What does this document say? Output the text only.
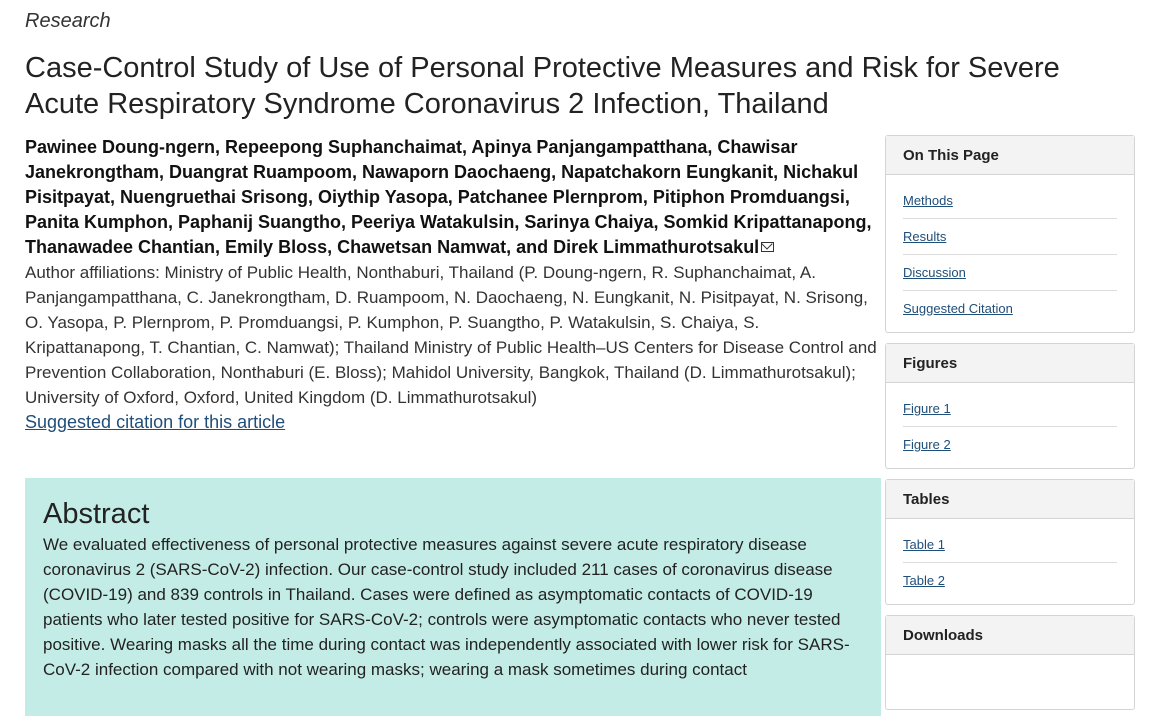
Research
Case-Control Study of Use of Personal Protective Measures and Risk for Severe Acute Respiratory Syndrome Coronavirus 2 Infection, Thailand

Pawinee Doung-ngern, Repeepong Suphanchaimat, Apinya Panjangampatthana, Chawisar Janekrongtham, Duangrat Ruampoom, Nawaporn Daochaeng, Napatchakorn Eungkanit, Nichakul Pisitpayat, Nuengruethai Srisong, Oiythip Yasopa, Patchanee Plernprom, Pitiphon Promduangsi, Panita Kumphon, Paphanij Suangtho, Peeriya Watakulsin, Sarinya Chaiya, Somkid Kripattanapong, Thanawadee Chantian, Emily Bloss, Chawetsan Namwat, and Direk Limmathurotsakul

Author affiliations: Ministry of Public Health, Nonthaburi, Thailand (P. Doung-ngern, R. Suphanchaimat, A. Panjangampatthana, C. Janekrongtham, D. Ruampoom, N. Daochaeng, N. Eungkanit, N. Pisitpayat, N. Srisong, O. Yasopa, P. Plernprom, P. Promduangsi, P. Kumphon, P. Suangtho, P. Watakulsin, S. Chaiya, S. Kripattanapong, T. Chantian, C. Namwat); Thailand Ministry of Public Health–US Centers for Disease Control and Prevention Collaboration, Nonthaburi (E. Bloss); Mahidol University, Bangkok, Thailand (D. Limmathurotsakul); University of Oxford, Oxford, United Kingdom (D. Limmathurotsakul)

Suggested citation for this article
Abstract

We evaluated effectiveness of personal protective measures against severe acute respiratory disease coronavirus 2 (SARS-CoV-2) infection. Our case-control study included 211 cases of coronavirus disease (COVID-19) and 839 controls in Thailand. Cases were defined as asymptomatic contacts of COVID-19 patients who later tested positive for SARS-CoV-2; controls were asymptomatic contacts who never tested positive. Wearing masks all the time during contact was independently associated with lower risk for SARS-CoV-2 infection compared with not wearing masks; wearing a mask sometimes during contact

On This Page
Methods
Results
Discussion
Suggested Citation
Figures
Figure 1
Figure 2
Tables
Table 1
Table 2
Downloads
